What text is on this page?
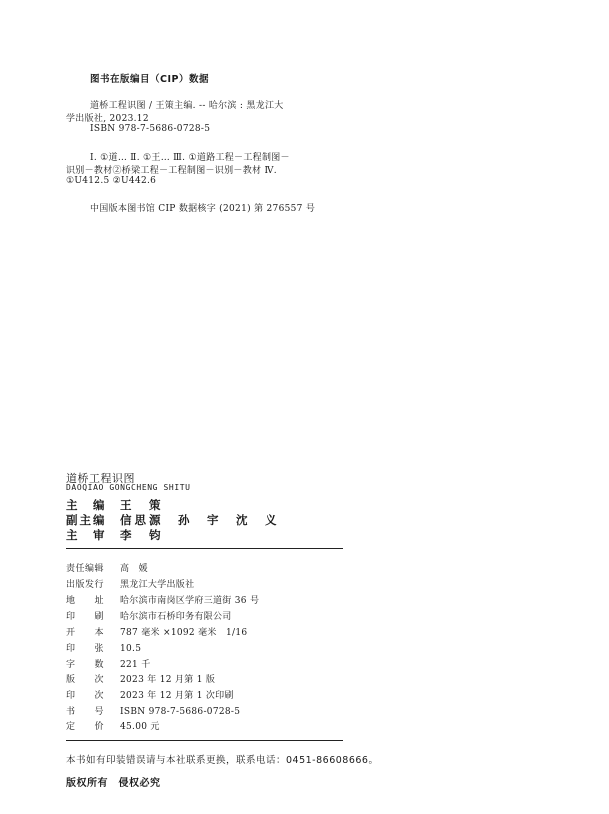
图书在版编目（CIP）数据
道桥工程识图 / 王策主编. -- 哈尔滨 : 黑龙江大
学出版社, 2023.12
ISBN 978-7-5686-0728-5
Ⅰ. ①道… Ⅱ. ①王… Ⅲ. ①道路工程－工程制图－
识别－教材②桥梁工程－工程制图－识别－教材 Ⅳ.
①U412.5 ②U442.6
中国版本图书馆 CIP 数据核字 (2021) 第 276557 号
道桥工程识图
DAOQIAO GONGCHENG SHITU
主　编 王　策
副主编 信思源　孙　宇　沈　义
主　审 李　钧
责任编辑 高　媛
出版发行 黑龙江大学出版社
地　　址 哈尔滨市南岗区学府三道街 36 号
印　　刷 哈尔滨市石桥印务有限公司
开　　本 787 毫米 ×1092 毫米　1/16
印　　张 10.5
字　　数 221 千
版　　次 2023 年 12 月第 1 版
印　　次 2023 年 12 月第 1 次印刷
书　　号 ISBN 978-7-5686-0728-5
定　　价 45.00 元
本书如有印装错误请与本社联系更换，联系电话：0451-86608666。
版权所有　侵权必究
